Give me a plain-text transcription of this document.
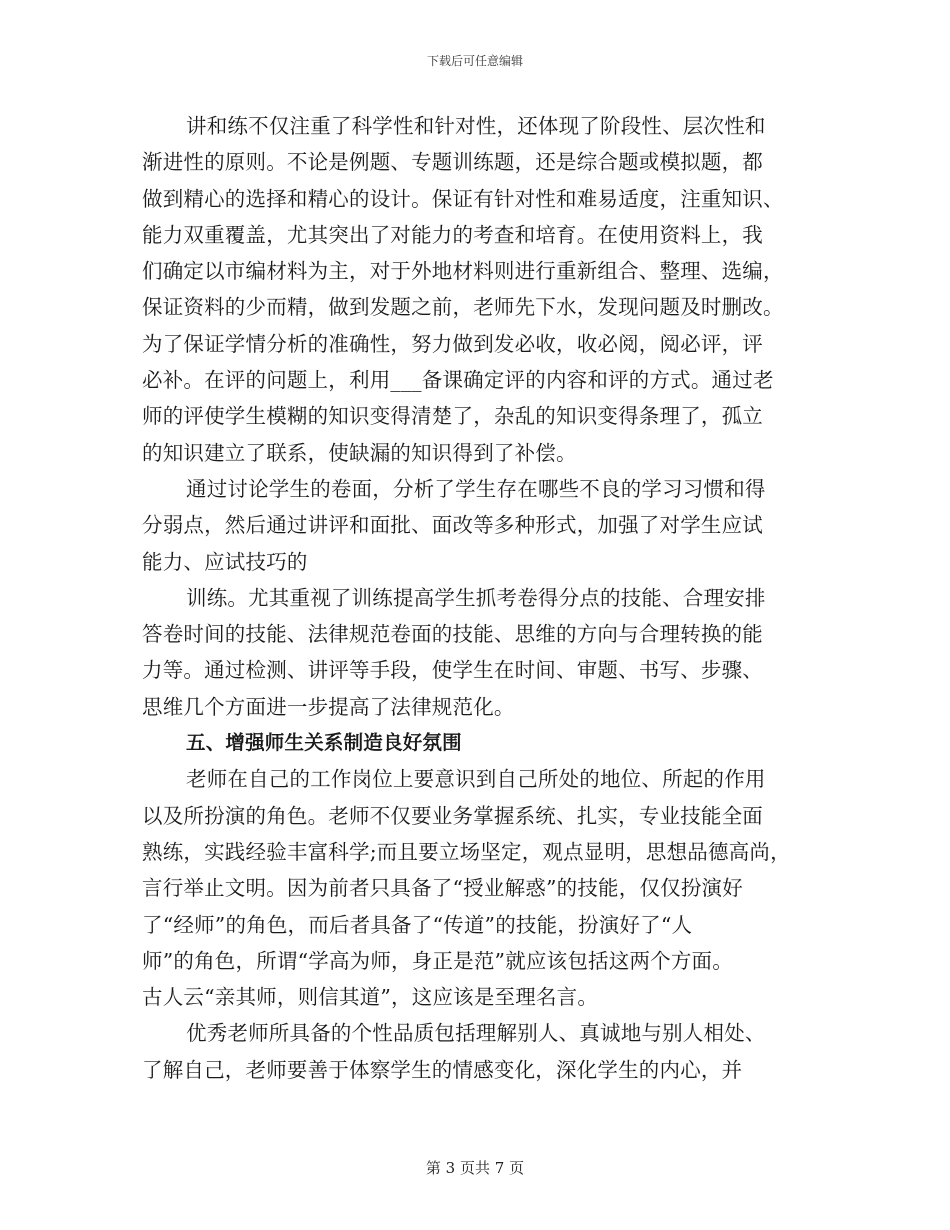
下载后可任意编辑
讲和练不仅注重了科学性和针对性，还体现了阶段性、层次性和
渐进性的原则。不论是例题、专题训练题，还是综合题或模拟题，都
做到精心的选择和精心的设计。保证有针对性和难易适度，注重知识、
能力双重覆盖，尤其突出了对能力的考查和培育。在使用资料上，我
们确定以市编材料为主，对于外地材料则进行重新组合、整理、选编，
保证资料的少而精，做到发题之前，老师先下水，发现问题及时删改。
为了保证学情分析的准确性，努力做到发必收，收必阅，阅必评，评
必补。在评的问题上，利用___备课确定评的内容和评的方式。通过老
师的评使学生模糊的知识变得清楚了，杂乱的知识变得条理了，孤立
的知识建立了联系，使缺漏的知识得到了补偿。
通过讨论学生的卷面，分析了学生存在哪些不良的学习习惯和得
分弱点，然后通过讲评和面批、面改等多种形式，加强了对学生应试
能力、应试技巧的
训练。尤其重视了训练提高学生抓考卷得分点的技能、合理安排
答卷时间的技能、法律规范卷面的技能、思维的方向与合理转换的能
力等。通过检测、讲评等手段，使学生在时间、审题、书写、步骤、
思维几个方面进一步提高了法律规范化。
五、增强师生关系制造良好氛围
老师在自己的工作岗位上要意识到自己所处的地位、所起的作用
以及所扮演的角色。老师不仅要业务掌握系统、扎实，专业技能全面
熟练，实践经验丰富科学;而且要立场坚定，观点显明，思想品德高尚，
言行举止文明。因为前者只具备了“授业解惑”的技能，仅仅扮演好
了“经师”的角色，而后者具备了“传道”的技能，扮演好了“人
师”的角色，所谓“学高为师，身正是范”就应该包括这两个方面。
古人云“亲其师，则信其道”，这应该是至理名言。
优秀老师所具备的个性品质包括理解别人、真诚地与别人相处、
了解自己，老师要善于体察学生的情感变化，深化学生的内心，并
第 3 页共 7 页
